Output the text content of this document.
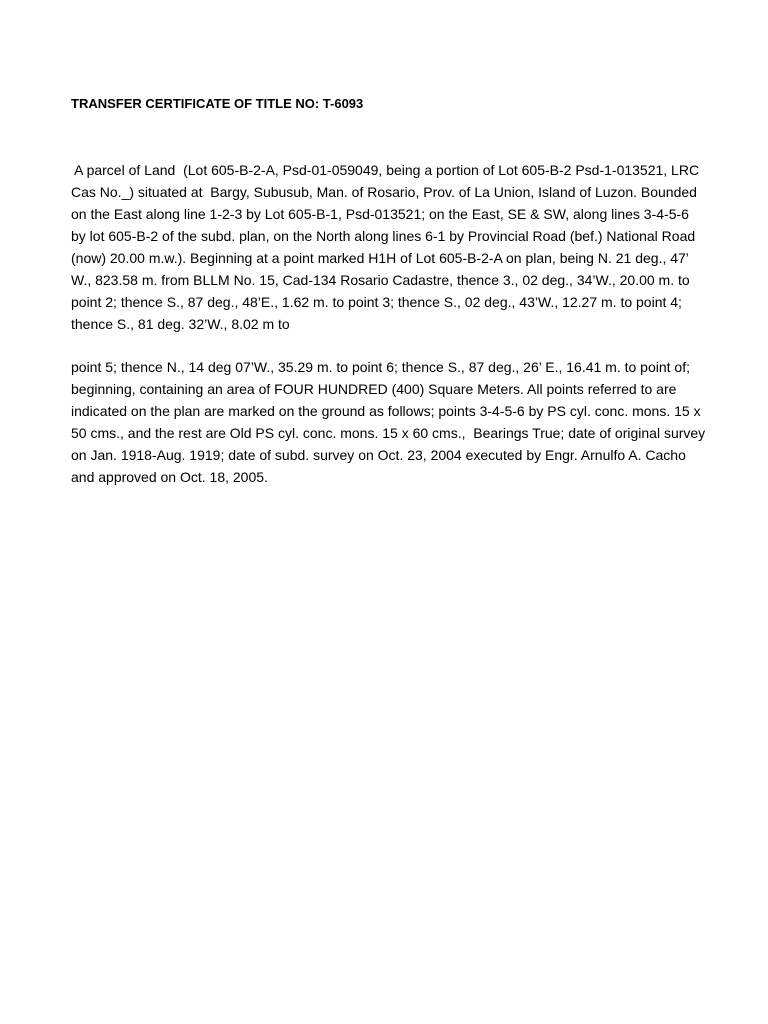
TRANSFER CERTIFICATE OF TITLE NO: T-6093

A parcel of Land  (Lot 605-B-2-A, Psd-01-059049, being a portion of Lot 605-B-2 Psd-1-013521, LRC
Cas No._) situated at  Bargy, Subusub, Man. of Rosario, Prov. of La Union, Island of Luzon. Bounded
on the East along line 1-2-3 by Lot 605-B-1, Psd-013521; on the East, SE & SW, along lines 3-4-5-6
by lot 605-B-2 of the subd. plan, on the North along lines 6-1 by Provincial Road (bef.) National Road
(now) 20.00 m.w.). Beginning at a point marked H1H of Lot 605-B-2-A on plan, being N. 21 deg., 47’
W., 823.58 m. from BLLM No. 15, Cad-134 Rosario Cadastre, thence 3., 02 deg., 34’W., 20.00 m. to
point 2; thence S., 87 deg., 48’E., 1.62 m. to point 3; thence S., 02 deg., 43’W., 12.27 m. to point 4;
thence S., 81 deg. 32’W., 8.02 m to

point 5; thence N., 14 deg 07’W., 35.29 m. to point 6; thence S., 87 deg., 26’ E., 16.41 m. to point of;
beginning, containing an area of FOUR HUNDRED (400) Square Meters. All points referred to are
indicated on the plan are marked on the ground as follows; points 3-4-5-6 by PS cyl. conc. mons. 15 x
50 cms., and the rest are Old PS cyl. conc. mons. 15 x 60 cms.,  Bearings True; date of original survey
on Jan. 1918-Aug. 1919; date of subd. survey on Oct. 23, 2004 executed by Engr. Arnulfo A. Cacho
and approved on Oct. 18, 2005.
